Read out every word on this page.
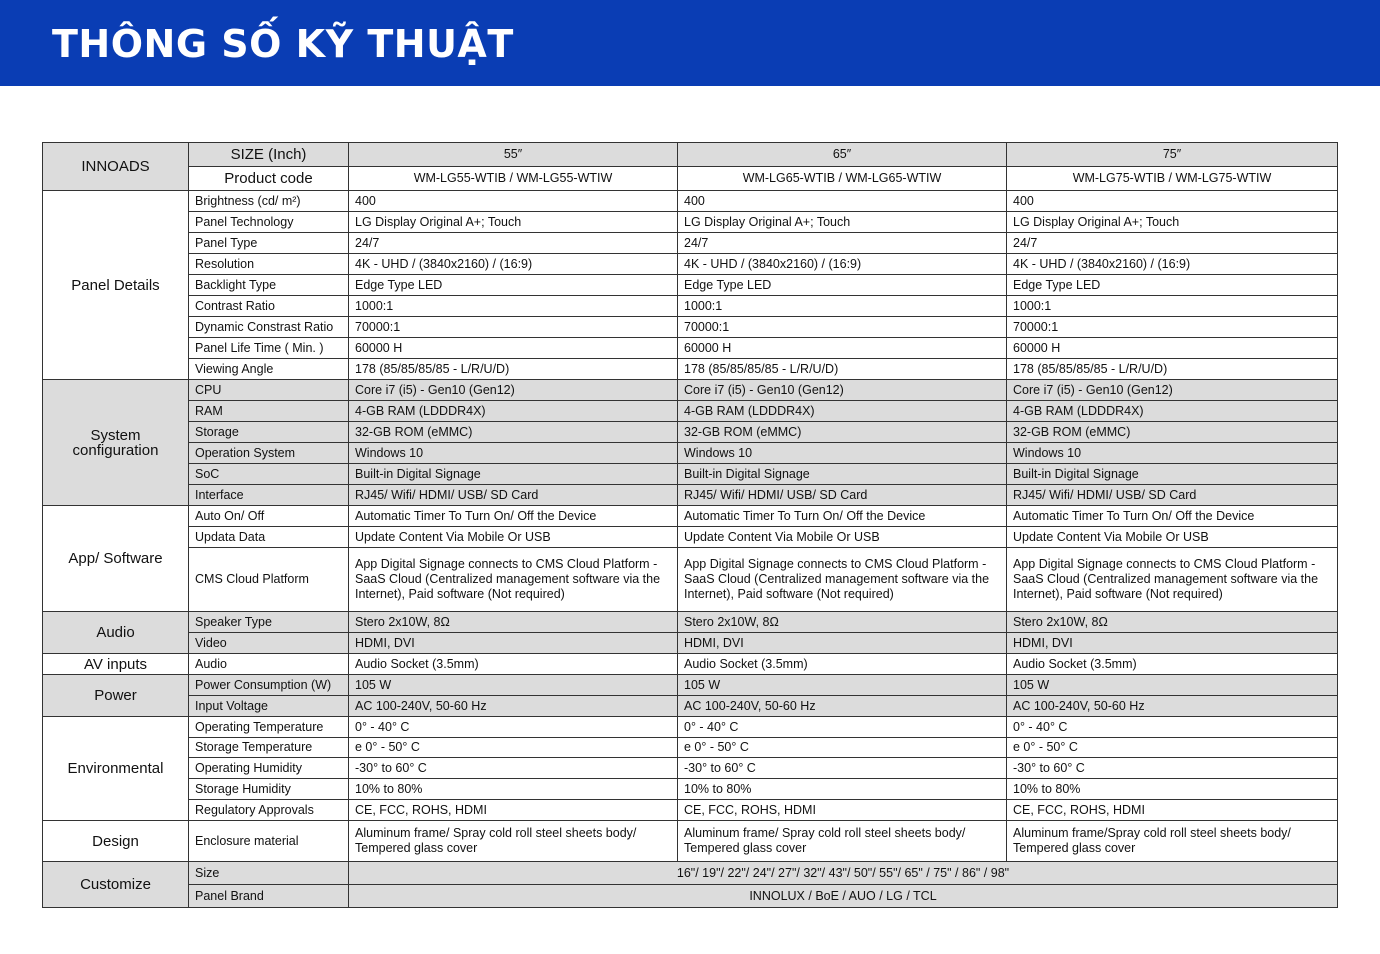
THÔNG SỐ KỸ THUẬT
INNOADS	SIZE (Inch)	55″	65″	75″
	Product code	WM-LG55-WTIB / WM-LG55-WTIW	WM-LG65-WTIB / WM-LG65-WTIW	WM-LG75-WTIB / WM-LG75-WTIW
Panel Details	Brightness (cd/ m²)	400	400	400
	Panel Technology	LG Display Original A+; Touch	LG Display Original A+; Touch	LG Display Original A+; Touch
	Panel Type	24/7	24/7	24/7
	Resolution	4K - UHD / (3840x2160) / (16:9)	4K - UHD / (3840x2160) / (16:9)	4K - UHD / (3840x2160) / (16:9)
	Backlight Type	Edge Type LED	Edge Type LED	Edge Type LED
	Contrast Ratio	1000:1	1000:1	1000:1
	Dynamic Constrast Ratio	70000:1	70000:1	70000:1
	Panel Life Time ( Min. )	60000 H	60000 H	60000 H
	Viewing Angle	178 (85/85/85/85 - L/R/U/D)	178 (85/85/85/85 - L/R/U/D)	178 (85/85/85/85 - L/R/U/D)
System configuration	CPU	Core i7 (i5) - Gen10 (Gen12)	Core i7 (i5) - Gen10 (Gen12)	Core i7 (i5) - Gen10 (Gen12)
	RAM	4-GB RAM (LDDDR4X)	4-GB RAM (LDDDR4X)	4-GB RAM (LDDDR4X)
	Storage	32-GB ROM (eMMC)	32-GB ROM (eMMC)	32-GB ROM (eMMC)
	Operation System	Windows 10	Windows 10	Windows 10
	SoC	Built-in Digital Signage	Built-in Digital Signage	Built-in Digital Signage
	Interface	RJ45/ Wifi/ HDMI/ USB/ SD Card	RJ45/ Wifi/ HDMI/ USB/ SD Card	RJ45/ Wifi/ HDMI/ USB/ SD Card
App/ Software	Auto On/ Off	Automatic Timer To Turn On/ Off the Device	Automatic Timer To Turn On/ Off the Device	Automatic Timer To Turn On/ Off the Device
	Updata Data	Update Content Via Mobile Or USB	Update Content Via Mobile Or USB	Update Content Via Mobile Or USB
	CMS Cloud Platform	App Digital Signage connects to CMS Cloud Platform - SaaS Cloud (Centralized management software via the Internet), Paid software (Not required)	App Digital Signage connects to CMS Cloud Platform - SaaS Cloud (Centralized management software via the Internet), Paid software (Not required)	App Digital Signage connects to CMS Cloud Platform - SaaS Cloud (Centralized management software via the Internet), Paid software (Not required)
Audio	Speaker Type	Stero 2x10W, 8Ω	Stero 2x10W, 8Ω	Stero 2x10W, 8Ω
	Video	HDMI, DVI	HDMI, DVI	HDMI, DVI
AV inputs	Audio	Audio Socket (3.5mm)	Audio Socket (3.5mm)	Audio Socket (3.5mm)
Power	Power Consumption (W)	105 W	105 W	105 W
	Input Voltage	AC 100-240V, 50-60 Hz	AC 100-240V, 50-60 Hz	AC 100-240V, 50-60 Hz
Environmental	Operating Temperature	0° - 40° C	0° - 40° C	0° - 40° C
	Storage Temperature	e 0° - 50° C	e 0° - 50° C	e 0° - 50° C
	Operating Humidity	-30° to 60° C	-30° to 60° C	-30° to 60° C
	Storage Humidity	10% to 80%	10% to 80%	10% to 80%
	Regulatory Approvals	CE, FCC, ROHS, HDMI	CE, FCC, ROHS, HDMI	CE, FCC, ROHS, HDMI
Design	Enclosure material	Aluminum frame/ Spray cold roll steel sheets body/ Tempered glass cover	Aluminum frame/ Spray cold roll steel sheets body/ Tempered glass cover	Aluminum frame/Spray cold roll steel sheets body/ Tempered glass cover
Customize	Size	16"/ 19"/ 22"/ 24"/ 27"/ 32"/ 43"/ 50"/ 55"/ 65" / 75" / 86" / 98"		
	Panel Brand	INNOLUX / BoE / AUO / LG / TCL		
